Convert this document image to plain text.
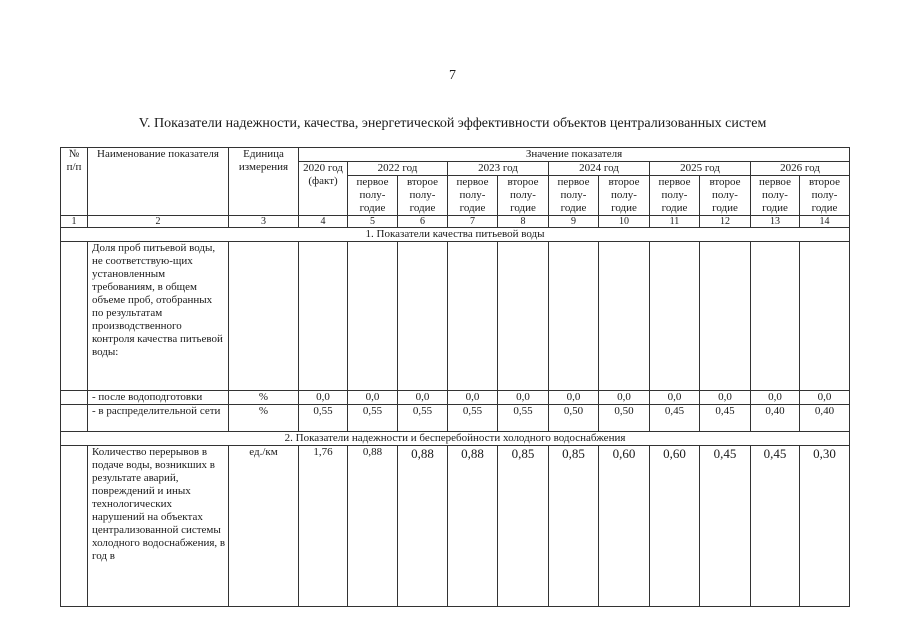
7
V. Показатели надежности, качества, энергетической эффективности объектов централизованных систем
№ п/п	Наименование показателя	Единица измерения	Значение показателя										
			2020 год (факт)	2022 год		2023 год		2024 год		2025 год		2026 год	
				первое полу-годие	второе полу-годие	первое полу-годие	второе полу-годие	первое полу-годие	второе полу-годие	первое полу-годие	второе полу-годие	первое полу-годие	второе полу-годие
1	2	3	4	5	6	7	8	9	10	11	12	13	14
1. Показатели качества питьевой воды													
	Доля проб питьевой воды, не соответствую-щих установленным требованиям, в общем объеме проб, отобранных по результатам производственного контроля качества питьевой воды:												
	- после водоподготовки	%	0,0	0,0	0,0	0,0	0,0	0,0	0,0	0,0	0,0	0,0	0,0
	- в распределительной сети	%	0,55	0,55	0,55	0,55	0,55	0,50	0,50	0,45	0,45	0,40	0,40
2. Показатели надежности и бесперебойности холодного водоснабжения													
	Количество перерывов в подаче воды, возникших в результате аварий, повреждений и иных технологических нарушений на объектах централизованной системы холодного водоснабжения, в год в	ед./км	1,76	0,88	0,88	0,88	0,85	0,85	0,60	0,60	0,45	0,45	0,30
